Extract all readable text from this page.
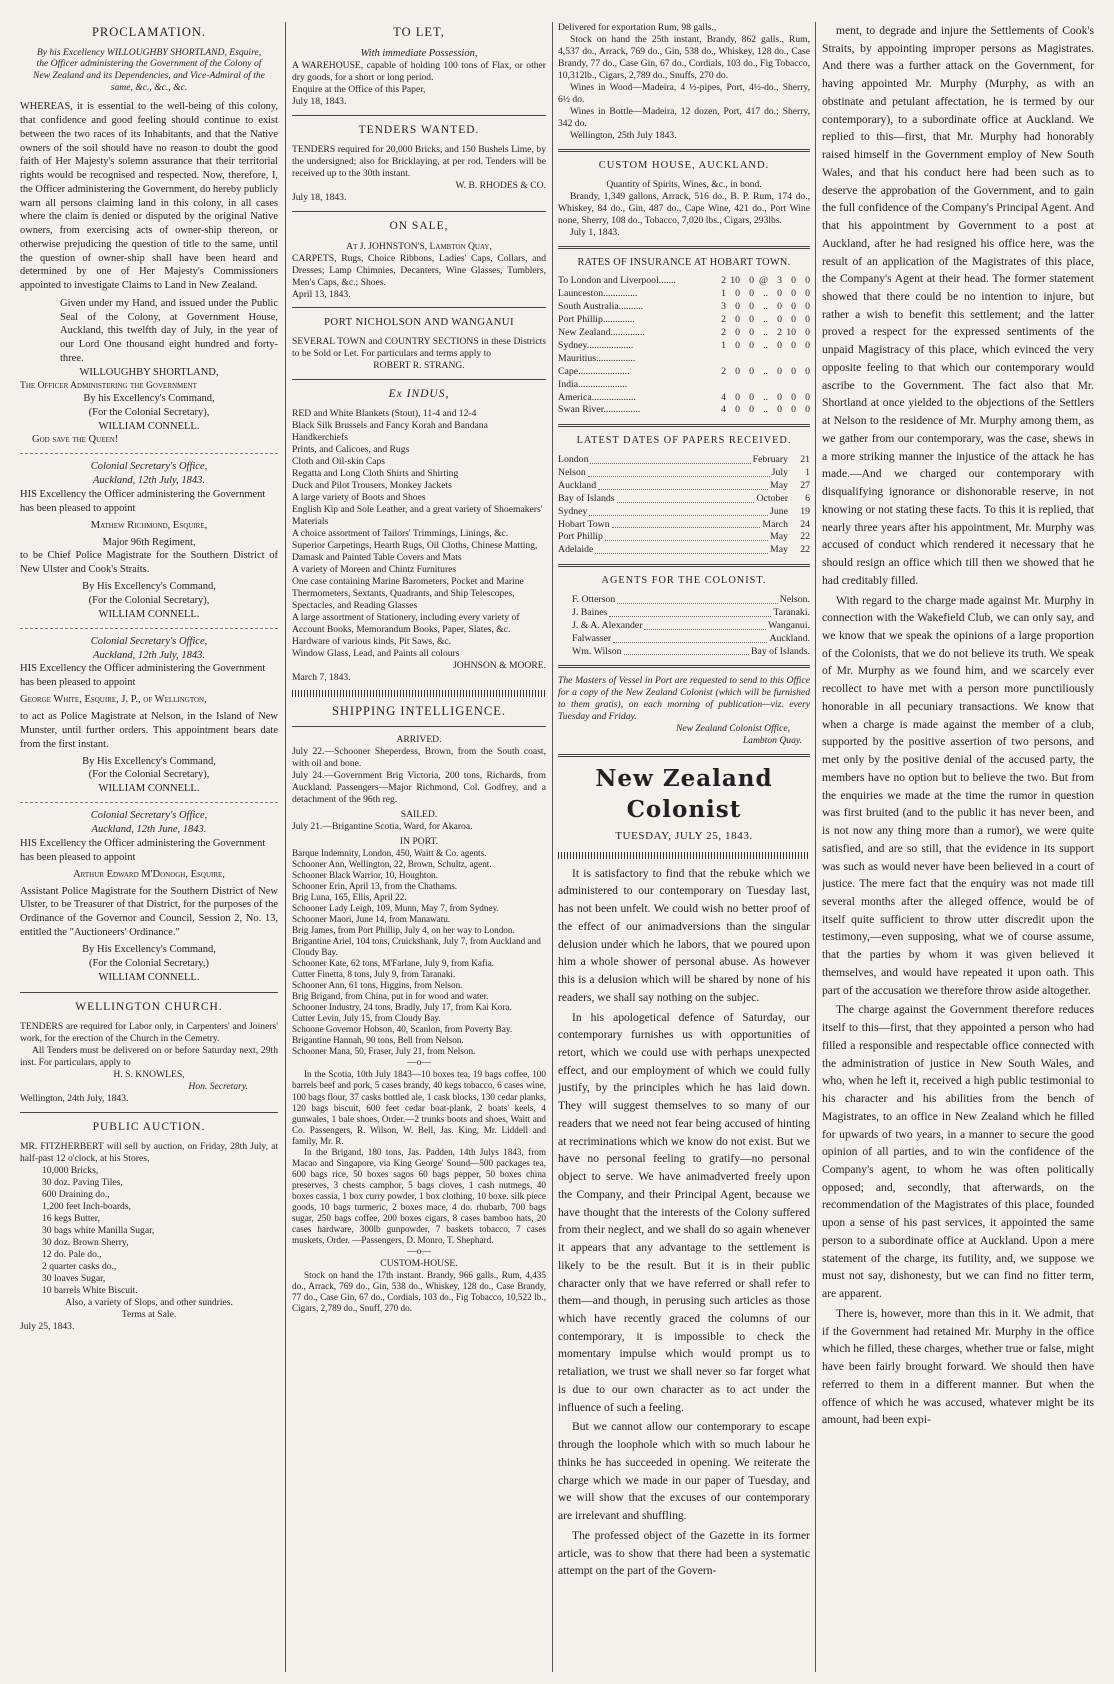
PROCLAMATION.
By his Excellency WILLOUGHBY SHORTLAND, Esquire, the Officer administering the Government of the Colony of New Zealand and its Dependencies, and Vice-Admiral of the same, &c., &c., &c.
WHEREAS, it is essential to the well-being of this colony, that confidence and good feeling should continue to exist between the two races of its Inhabitants, and that the Native owners of the soil should have no reason to doubt the good faith of Her Majesty's solemn assurance that their territorial rights would be recognised and respected. Now, therefore, I, the Officer administering the Government, do hereby publicly warn all persons claiming land in this colony, in all cases where the claim is denied or disputed by the original Native owners, from exercising acts of owner-ship thereon, or otherwise prejudicing the question of title to the same, until the question of owner-ship shall have been heard and determined by one of Her Majesty's Commissioners appointed to investigate Claims to Land in New Zealand.
Given under my Hand, and issued under the Public Seal of the Colony, at Government House, Auckland, this twelfth day of July, in the year of our Lord One thousand eight hundred and forty-three.
WILLOUGHBY SHORTLAND,
The Officer Administering the Government
By his Excellency's Command,
(For the Colonial Secretary),
WILLIAM CONNELL.
God save the Queen!
Colonial Secretary's Office,
Auckland, 12th July, 1843.
HIS Excellency the Officer administering the Government has been pleased to appoint
Mathew Richmond, Esquire,
Major 96th Regiment,
to be Chief Police Magistrate for the Southern District of New Ulster and Cook's Straits.
By His Excellency's Command,
(For the Colonial Secretary),
WILLIAM CONNELL.
Colonial Secretary's Office,
Auckland, 12th July, 1843.
HIS Excellency the Officer administering the Government has been pleased to appoint
George White, Esquire, J. P., of Wellington,
to act as Police Magistrate at Nelson, in the Island of New Munster, until further orders. This appointment bears date from the first instant.
By His Excellency's Command,
(For the Colonial Secretary),
WILLIAM CONNELL.
Colonial Secretary's Office,
Auckland, 12th June, 1843.
HIS Excellency the Officer administering the Government has been pleased to appoint
Arthur Edward M'Donogh, Esquire,
Assistant Police Magistrate for the Southern District of New Ulster, to be Treasurer of that District, for the purposes of the Ordinance of the Governor and Council, Session 2, No. 13, entitled the "Auctioneers' Ordinance."
By His Excellency's Command,
(For the Colonial Secretary,)
WILLIAM CONNELL.
WELLINGTON CHURCH.
TENDERS are required for Labor only, in Carpenters' and Joiners' work, for the erection of the Church in the Cemetry.
All Tenders must be delivered on or before Saturday next, 29th inst. For particulars, apply to
H. S. KNOWLES,
Hon. Secretary.
Wellington, 24th July, 1843.
PUBLIC AUCTION.
MR. FITZHERBERT will sell by auction, on Friday, 28th July, at half-past 12 o'clock, at his Stores,
10,000 Bricks,
30 doz. Paving Tiles,
600 Draining do.,
1,200 feet Inch-boards,
16 kegs Butter,
30 bags white Manilla Sugar,
30 doz. Brown Sherry,
12 do. Pale do.,
2 quarter casks do.,
30 loaves Sugar,
10 barrels White Biscuit.
Also, a variety of Slops, and other sundries.
Terms at Sale.
July 25, 1843.
TO LET,
With immediate Possession,
A WAREHOUSE, capable of holding 100 tons of Flax, or other dry goods, for a short or long period.
Enquire at the Office of this Paper,
July 18, 1843.
TENDERS WANTED.
TENDERS required for 20,000 Bricks, and 150 Bushels Lime, by the undersigned; also for Bricklaying, at per rod. Tenders will be received up to the 30th instant.
W. B. RHODES & CO.
July 18, 1843.
ON SALE,
At J. JOHNSTON'S, Lambton Quay,
CARPETS, Rugs, Choice Ribbons, Ladies' Caps, Collars, and Dresses; Lamp Chimnies, Decanters, Wine Glasses, Tumblers, Men's Caps, &c.; Shoes.
April 13, 1843.
PORT NICHOLSON AND WANGANUI
SEVERAL TOWN and COUNTRY SECTIONS in these Districts to be Sold or Let. For particulars and terms apply to
ROBERT R. STRANG.
Ex INDUS,
RED and White Blankets (Stout), 11-4 and 12-4
Black Silk Brussels and Fancy Korah and Bandana Handkerchiefs
Prints, and Calicoes, and Rugs
Cloth and Oil-skin Caps
Regatta and Long Cloth Shirts and Shirting
Duck and Pilot Trousers, Monkey Jackets
A large variety of Boots and Shoes
English Kip and Sole Leather, and a great variety of Shoemakers' Materials
A choice assortment of Tailors' Trimmings, Linings, &c.
Superior Carpetings, Hearth Rugs, Oil Cloths, Chinese Matting, Damask and Painted Table Covers and Mats
A variety of Moreen and Chintz Furnitures
One case containing Marine Barometers, Pocket and Marine Thermometers, Sextants, Quadrants, and Ship Telescopes, Spectacles, and Reading Glasses
A large assortment of Stationery, including every variety of Account Books, Memorandum Books, Paper, Slates, &c.
Hardware of various kinds, Pit Saws, &c.
Window Glass, Lead, and Paints all colours
JOHNSON & MOORE.
March 7, 1843.
SHIPPING INTELLIGENCE.
ARRIVED.
July 22.—Schooner Sheperdess, Brown, from the South coast, with oil and bone.
July 24.—Government Brig Victoria, 200 tons, Richards, from Auckland. Passengers—Major Richmond, Col. Godfrey, and a detachment of the 96th reg.
SAILED.
July 21.—Brigantine Scotia, Ward, for Akaroa.
IN PORT.
Barque Indemnity, London, 450, Waitt & Co. agents.
Schooner Ann, Wellington, 22, Brown, Schultz, agent.
Schooner Black Warrior, 10, Houghton.
Schooner Erin, April 13, from the Chathams.
Brig Luna, 165, Ellis, April 22.
Schooner Lady Leigh, 109, Munn, May 7, from Sydney.
Schooner Maori, June 14, from Manawatu.
Brig James, from Port Phillip, July 4, on her way to London.
Brigantine Ariel, 104 tons, Cruickshank, July 7, from Auckland and Cloudy Bay.
Schooner Kate, 62 tons, M'Farlane, July 9, from Kafia.
Cutter Finetta, 8 tons, July 9, from Taranaki.
Schooner Ann, 61 tons, Higgins, from Nelson.
Brig Brigand, from China, put in for wood and water.
Schooner Industry, 24 tons, Bradly, July 17, from Kai Kora.
Cutter Levin, July 15, from Cloudy Bay.
Schoone Governor Hobson, 40, Scanlon, from Poverty Bay.
Brigantine Hannah, 90 tons, Bell from Nelson.
Schooner Mana, 50, Fraser, July 21, from Nelson.
—o—
In the Scotia, 10th July 1843—10 boxes tea, 19 bags coffee, 100 barrels beef and pork, 5 cases brandy, 40 kegs tobacco, 6 cases wine, 100 bags flour, 37 casks bottled ale, 1 cask blocks, 130 cedar planks, 120 bags biscuit, 600 feet cedar boat-plank, 2 boats' keels, 4 gunwales, 1 bale shoes, Order.—2 trunks boots and shoes, Waitt and Co. Passengers, R. Wilson, W. Bell, Jas. King, Mr. Liddell and family, Mr. R.
In the Brigand, 180 tons, Jas. Padden, 14th Julys 1843, from Macao and Singapore, via King George' Sound—500 packages tea, 600 bags rice, 50 boxes sagos 60 bags pepper, 50 boxes china preserves, 3 chests camphor, 5 bags cloves, 1 cash nutmegs, 40 boxes cassia, 1 box curry powder, 1 box clothing, 10 boxe. silk piece goods, 10 bags turmeric, 2 boxes mace, 4 do. rhubarb, 700 bags sugar, 250 bags coffee, 200 boxes cigars, 8 cases bamboo hats, 20 cases hardware, 300lb gunpowder, 7 baskets tobacco, 7 cases muskets, Order. —Passengers, D. Monro, T. Shephard.
—o—
CUSTOM-HOUSE.
Stock on hand the 17th instant. Brandy, 966 galls., Rum, 4,435 do., Arrack, 769 do., Gin, 538 do., Whiskey, 128 do., Case Brandy, 77 do., Case Gin, 67 do., Cordials, 103 do., Fig Tobacco, 10,522 lb., Cigars, 2,789 do., Snuff, 270 do.
Delivered for exportation Rum, 98 galls.,
Stock on hand the 25th instant, Brandy, 862 galls., Rum, 4,537 do., Arrack, 769 do., Gin, 538 do., Whiskey, 128 do., Case Brandy, 77 do., Case Gin, 67 do., Cordials, 103 do., Fig Tobacco, 10,312lb., Cigars, 2,789 do., Snuffs, 270 do.
Wines in Wood—Madeira, 4 ½-pipes, Port, 4½-do., Sherry, 6½ do.
Wines in Bottle—Madeira, 12 dozen, Port, 417 do.; Sherry, 342 do.
Wellington, 25th July 1843.
CUSTOM HOUSE, AUCKLAND.
Quantity of Spirits, Wines, &c., in bond.
Brandy, 1,349 gallons, Arrack, 516 do., B. P. Rum, 174 do., Whiskey, 84 do., Gin, 487 do., Cape Wine, 421 do., Port Wine none, Sherry, 108 do., Tobacco, 7,020 lbs., Cigars, 293lbs.
July 1, 1843.
RATES OF INSURANCE AT HOBART TOWN.
To London and Liverpool.......	2	10	0	@	3	0	0
Launceston..............	1	0	0	..	0	0	0
South Australia..........	3	0	0	..	0	0	0
Port Phillip.............	2	0	0	..	0	0	0
New Zealand..............	2	0	0	..	2	10	0
Sydney...................	1	0	0	..	0	0	0
Mauritius................							
Cape.....................	2	0	0	..	0	0	0
India....................							
America..................	4	0	0	..	0	0	0
Swan River...............	4	0	0	..	0	0	0
LATEST DATES OF PAPERS RECEIVED.
London	February	21
Nelson	July	1
Auckland	May	27
Bay of Islands	October	6
Sydney	June	19
Hobart Town	March	24
Port Phillip	May	22
Adelaide	May	22
AGENTS FOR THE COLONIST.
F. Otterson	Nelson.
J. Baines	Taranaki.
J. & A. Alexander	Wanganui.
Falwasser	Auckland.
Wm. Wilson	Bay of Islands.
The Masters of Vessel in Port are requested to send to this Office for a copy of the New Zealand Colonist (which will be furnished to them gratis), on each morning of publication—viz. every Tuesday and Friday.
New Zealand Colonist Office,
Lambton Quay.
New Zealand Colonist
TUESDAY, JULY 25, 1843.
It is satisfactory to find that the rebuke which we administered to our contemporary on Tuesday last, has not been unfelt. We could wish no better proof of the effect of our animadversions than the singular delusion under which he labors, that we poured upon him a whole shower of personal abuse. As however this is a delusion which will be shared by none of his readers, we shall say nothing on the subjec.
In his apologetical defence of Saturday, our contemporary furnishes us with opportunities of retort, which we could use with perhaps unexpected effect, and our employment of which we could fully justify, by the principles which he has laid down. They will suggest themselves to so many of our readers that we need not fear being accused of hinting at recriminations which we know do not exist. But we have no personal feeling to gratify—no personal object to serve. We have animadverted freely upon the Company, and their Principal Agent, because we have thought that the interests of the Colony suffered from their neglect, and we shall do so again whenever it appears that any advantage to the settlement is likely to be the result. But it is in their public character only that we have referred or shall refer to them—and though, in perusing such articles as those which have recently graced the columns of our contemporary, it is impossible to check the momentary impulse which would prompt us to retaliation, we trust we shall never so far forget what is due to our own character as to act under the influence of such a feeling.
But we cannot allow our contemporary to escape through the loophole which with so much labour he thinks he has succeeded in opening. We reiterate the charge which we made in our paper of Tuesday, and we will show that the excuses of our contemporary are irrelevant and shuffling.
The professed object of the Gazette in its former article, was to show that there had been a systematic attempt on the part of the Govern-
ment, to degrade and injure the Settlements of Cook's Straits, by appointing improper persons as Magistrates. And there was a further attack on the Government, for having appointed Mr. Murphy (Murphy, as with an obstinate and petulant affectation, he is termed by our contemporary), to a subordinate office at Auckland. We replied to this—first, that Mr. Murphy had honorably raised himself in the Government employ of New South Wales, and that his conduct here had been such as to deserve the approbation of the Government, and to gain the full confidence of the Company's Principal Agent. And that his appointment by Government to a post at Auckland, after he had resigned his office here, was the result of an application of the Magistrates of this place, the Company's Agent at their head. The former statement showed that there could be no intention to injure, but rather a wish to benefit this settlement; and the latter proved a respect for the expressed sentiments of the unpaid Magistracy of this place, which evinced the very opposite feeling to that which our contemporary would ascribe to the Government. The fact also that Mr. Shortland at once yielded to the objections of the Settlers at Nelson to the residence of Mr. Murphy among them, as we gather from our contemporary, was the case, shews in a more striking manner the injustice of the attack he has made.—And we charged our contemporary with disqualifying ignorance or dishonorable reserve, in not knowing or not stating these facts. To this it is replied, that nearly three years after his appointment, Mr. Murphy was accused of conduct which rendered it necessary that he should resign an office which till then we showed that he had creditably filled.
With regard to the charge made against Mr. Murphy in connection with the Wakefield Club, we can only say, and we know that we speak the opinions of a large proportion of the Colonists, that we do not believe its truth. We speak of Mr. Murphy as we found him, and we scarcely ever recollect to have met with a person more punctiliously honorable in all pecuniary transactions. We know that when a charge is made against the member of a club, supported by the positive assertion of two persons, and met only by the positive denial of the accused party, the members have no option but to believe the two. But from the enquiries we made at the time the rumor in question was first bruited (and to the public it has never been, and is not now any thing more than a rumor), we were quite satisfied, and are so still, that the evidence in its support was such as would never have been believed in a court of justice. The mere fact that the enquiry was not made till several months after the alleged offence, would be of itself quite sufficient to throw utter discredit upon the testimony,—even supposing, what we of course assume, that the parties by whom it was given believed it themselves, and would have repeated it upon oath. This part of the accusation we therefore throw aside altogether.
The charge against the Government therefore reduces itself to this—first, that they appointed a person who had filled a responsible and respectable office connected with the administration of justice in New South Wales, and who, when he left it, received a high public testimonial to his character and his abilities from the bench of Magistrates, to an office in New Zealand which he filled for upwards of two years, in a manner to secure the good opinion of all parties, and to win the confidence of the Company's agent, to whom he was often politically opposed; and, secondly, that afterwards, on the recommendation of the Magistrates of this place, founded upon a sense of his past services, it appointed the same person to a subordinate office at Auckland. Upon a mere statement of the charge, its futility, and, we suppose we must not say, dishonesty, but we can find no fitter term, are apparent.
There is, however, more than this in it. We admit, that if the Government had retained Mr. Murphy in the office which he filled, these charges, whether true or false, might have been fairly brought forward. We should then have referred to them in a different manner. But when the offence of which he was accused, whatever might be its amount, had been expi-
